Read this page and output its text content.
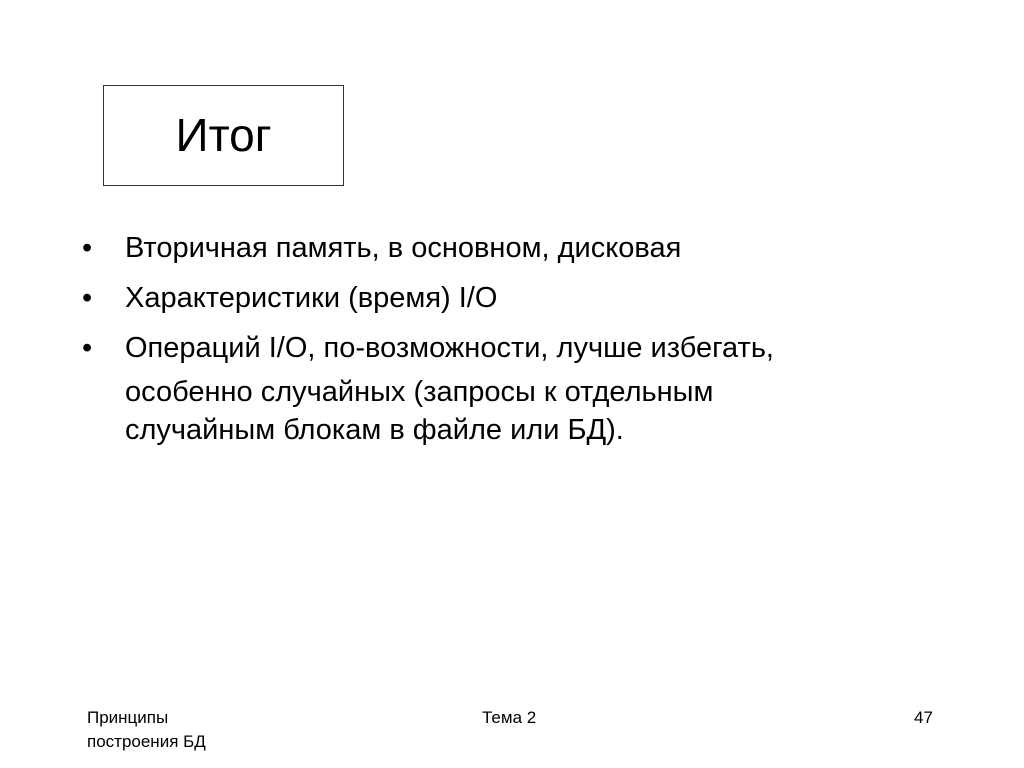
Итог
•	Вторичная память, в основном, дисковая
•	Характеристики (время) I/O
•	Операций I/O, по-возможности, лучше избегать,
особенно случайных (запросы к отдельным
случайным блокам в файле или БД).
Принципы
построения БД
Тема 2	47
